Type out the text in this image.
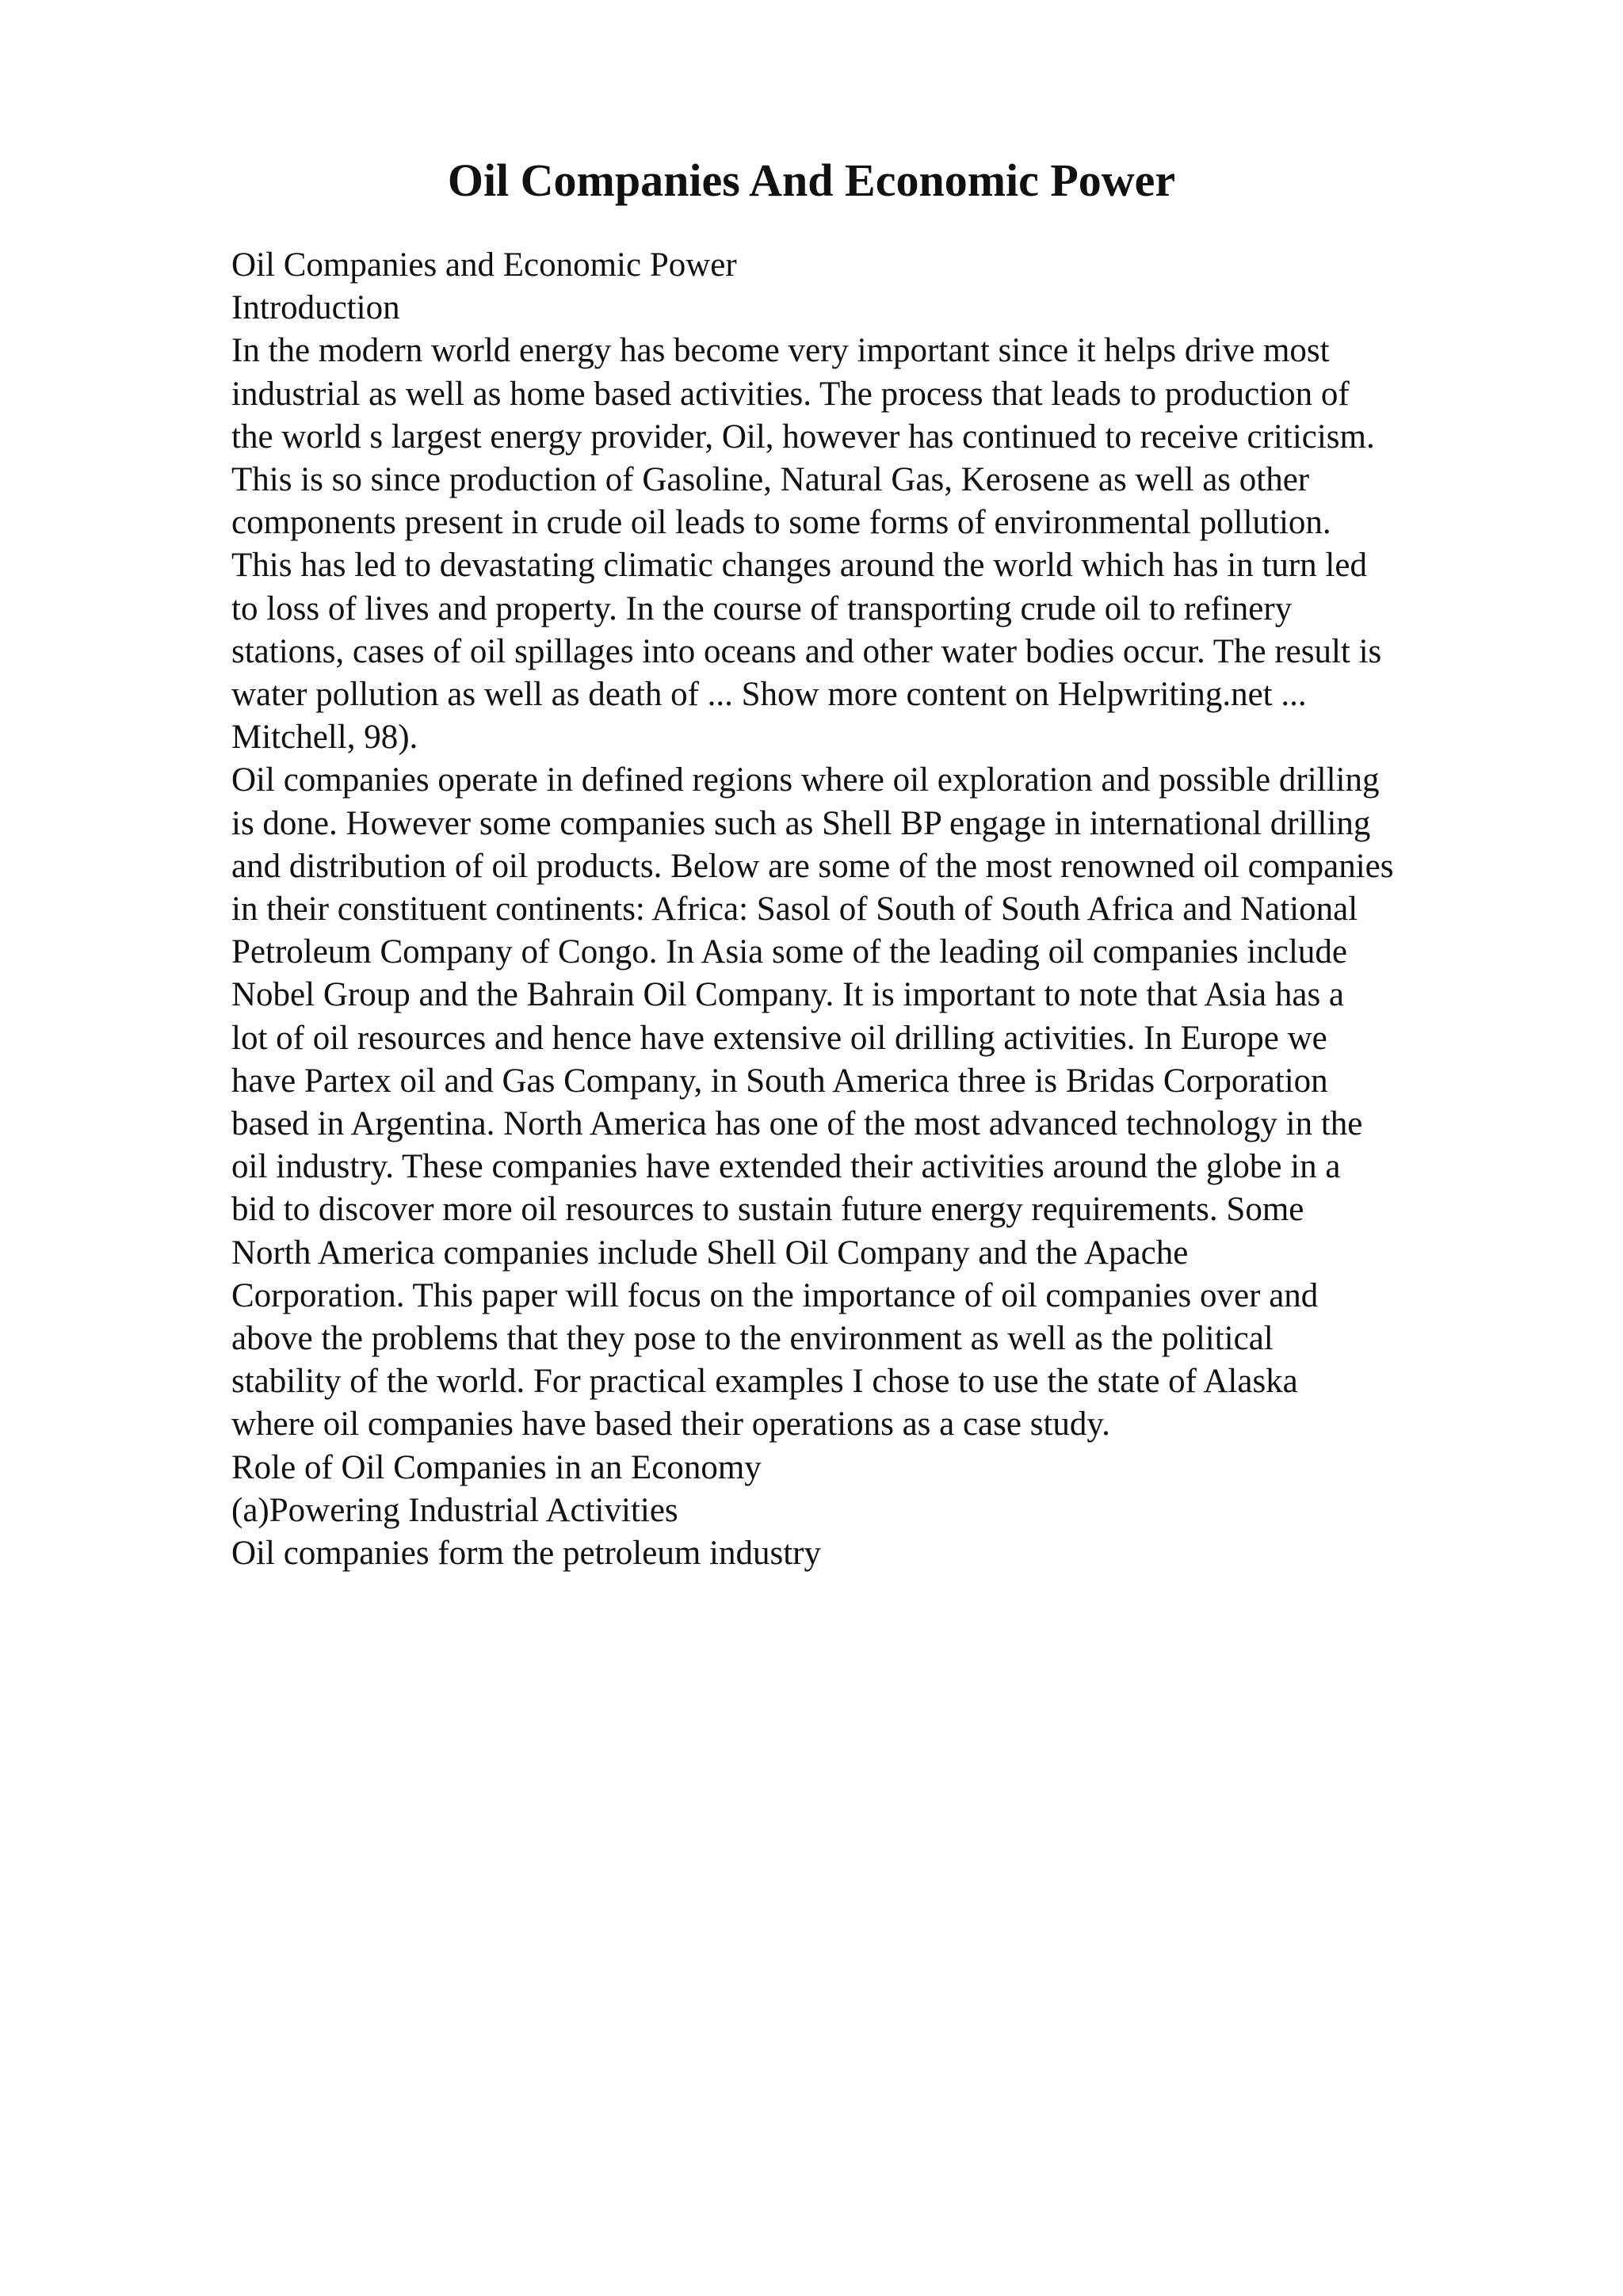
Oil Companies And Economic Power

Oil Companies and Economic Power

Introduction

In the modern world energy has become very important since it helps drive most

industrial as well as home based activities. The process that leads to production of

the world s largest energy provider, Oil, however has continued to receive criticism.

This is so since production of Gasoline, Natural Gas, Kerosene as well as other

components present in crude oil leads to some forms of environmental pollution.

This has led to devastating climatic changes around the world which has in turn led

to loss of lives and property. In the course of transporting crude oil to refinery

stations, cases of oil spillages into oceans and other water bodies occur. The result is

water pollution as well as death of ... Show more content on Helpwriting.net ...

Mitchell, 98).

Oil companies operate in defined regions where oil exploration and possible drilling

is done. However some companies such as Shell BP engage in international drilling

and distribution of oil products. Below are some of the most renowned oil companies

in their constituent continents: Africa: Sasol of South of South Africa and National

Petroleum Company of Congo. In Asia some of the leading oil companies include

Nobel Group and the Bahrain Oil Company. It is important to note that Asia has a

lot of oil resources and hence have extensive oil drilling activities. In Europe we

have Partex oil and Gas Company, in South America three is Bridas Corporation

based in Argentina. North America has one of the most advanced technology in the

oil industry. These companies have extended their activities around the globe in a

bid to discover more oil resources to sustain future energy requirements. Some

North America companies include Shell Oil Company and the Apache

Corporation. This paper will focus on the importance of oil companies over and

above the problems that they pose to the environment as well as the political

stability of the world. For practical examples I chose to use the state of Alaska

where oil companies have based their operations as a case study.

Role of Oil Companies in an Economy

(a)Powering Industrial Activities

Oil companies form the petroleum industry
